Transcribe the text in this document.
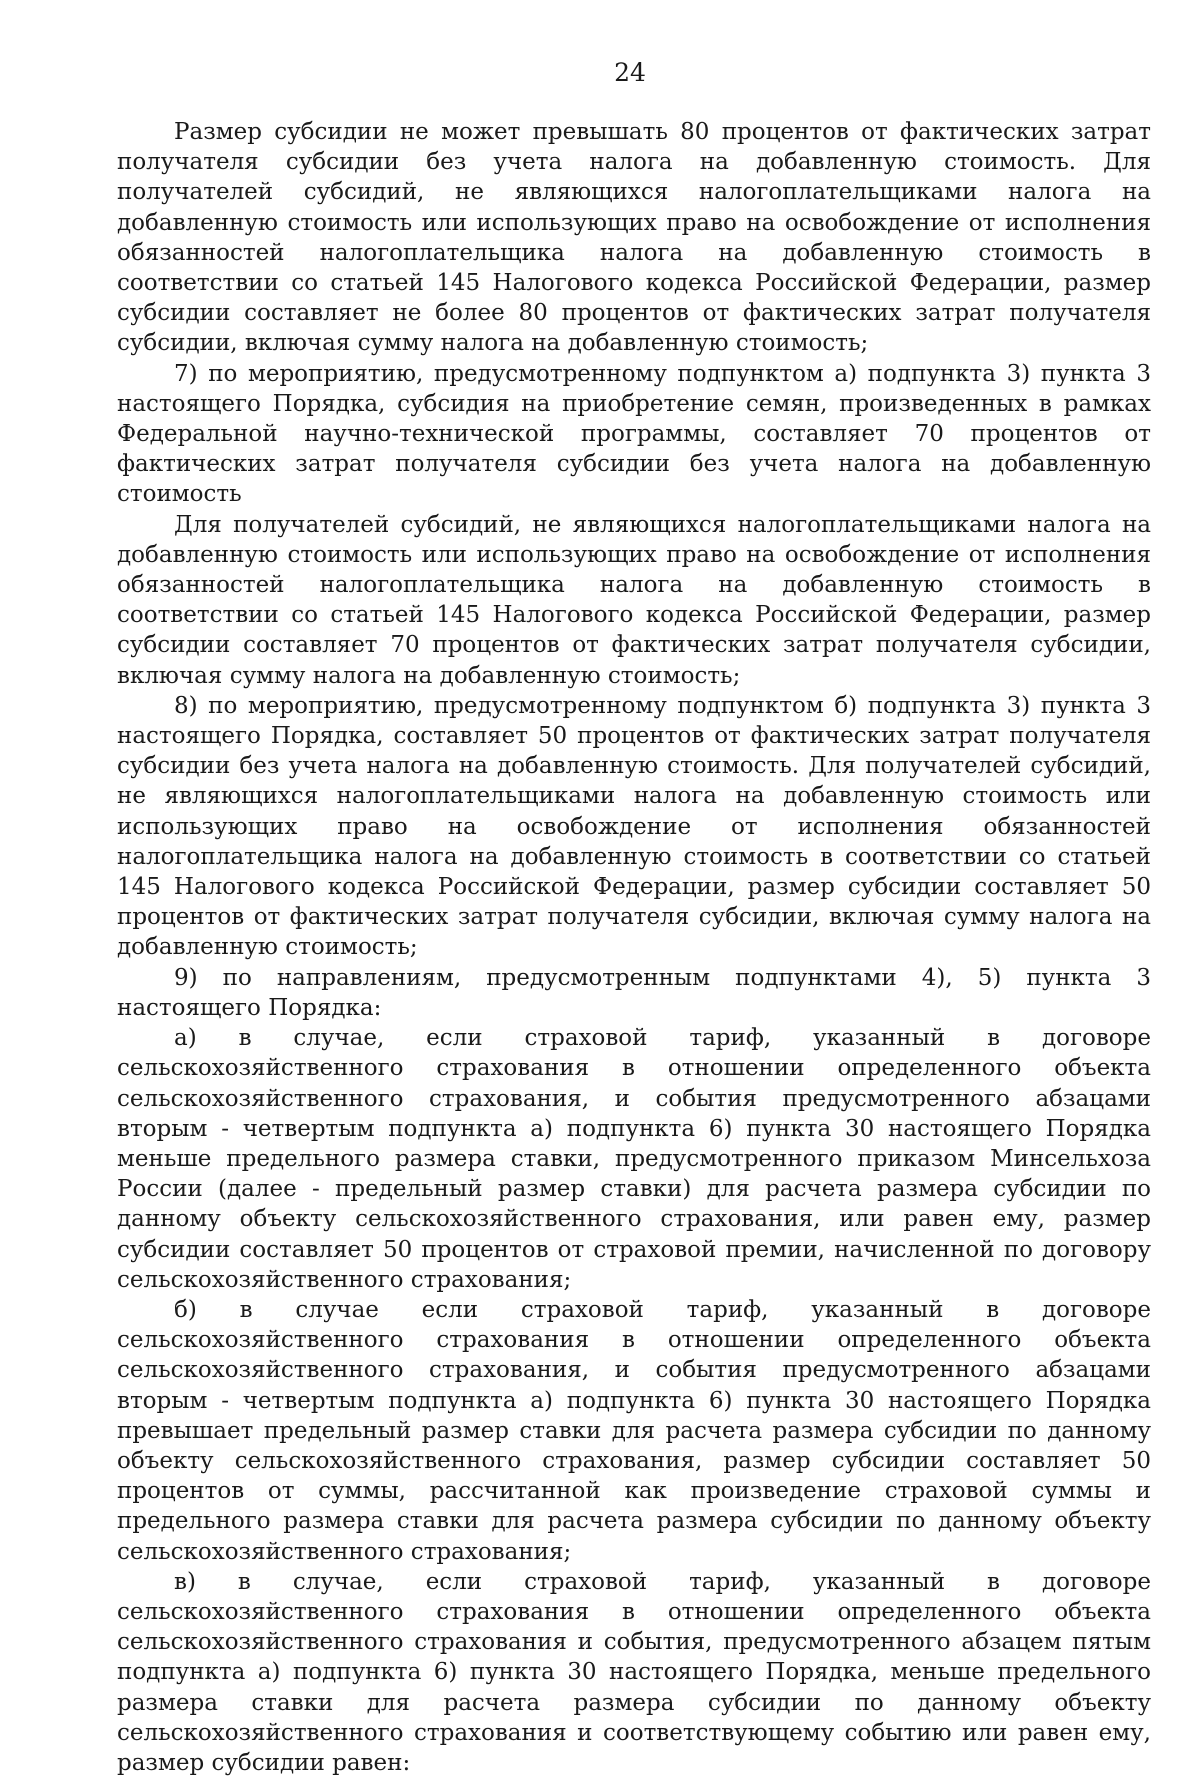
24

Размер субсидии не может превышать 80 процентов от фактических затрат получателя субсидии без учета налога на добавленную стоимость. Для получателей субсидий, не являющихся налогоплательщиками налога на добавленную стоимость или использующих право на освобождение от исполнения обязанностей налогоплательщика налога на добавленную стоимость в соответствии со статьей 145 Налогового кодекса Российской Федерации, размер субсидии составляет не более 80 процентов от фактических затрат получателя субсидии, включая сумму налога на добавленную стоимость;

7) по мероприятию, предусмотренному подпунктом а) подпункта 3) пункта 3 настоящего Порядка, субсидия на приобретение семян, произведенных в рамках Федеральной научно-технической программы, составляет 70 процентов от фактических затрат получателя субсидии без учета налога на добавленную стоимость

Для получателей субсидий, не являющихся налогоплательщиками налога на добавленную стоимость или использующих право на освобождение от исполнения обязанностей налогоплательщика налога на добавленную стоимость в соответствии со статьей 145 Налогового кодекса Российской Федерации, размер субсидии составляет 70 процентов от фактических затрат получателя субсидии, включая сумму налога на добавленную стоимость;

8) по мероприятию, предусмотренному подпунктом б) подпункта 3) пункта 3 настоящего Порядка, составляет 50 процентов от фактических затрат получателя субсидии без учета налога на добавленную стоимость. Для получателей субсидий, не являющихся налогоплательщиками налога на добавленную стоимость или использующих право на освобождение от исполнения обязанностей налогоплательщика налога на добавленную стоимость в соответствии со статьей 145 Налогового кодекса Российской Федерации, размер субсидии составляет 50 процентов от фактических затрат получателя субсидии, включая сумму налога на добавленную стоимость;

9) по направлениям, предусмотренным подпунктами 4), 5) пункта 3 настоящего Порядка:

а) в случае, если страховой тариф, указанный в договоре сельскохозяйственного страхования в отношении определенного объекта сельскохозяйственного страхования, и события предусмотренного абзацами вторым - четвертым подпункта а) подпункта 6) пункта 30 настоящего Порядка меньше предельного размера ставки, предусмотренного приказом Минсельхоза России (далее - предельный размер ставки) для расчета размера субсидии по данному объекту сельскохозяйственного страхования, или равен ему, размер субсидии составляет 50 процентов от страховой премии, начисленной по договору сельскохозяйственного страхования;

б) в случае если страховой тариф, указанный в договоре сельскохозяйственного страхования в отношении определенного объекта сельскохозяйственного страхования, и события предусмотренного абзацами вторым - четвертым подпункта а) подпункта 6) пункта 30 настоящего Порядка превышает предельный размер ставки для расчета размера субсидии по данному объекту сельскохозяйственного страхования, размер субсидии составляет 50 процентов от суммы, рассчитанной как произведение страховой суммы и предельного размера ставки для расчета размера субсидии по данному объекту сельскохозяйственного страхования;

в) в случае, если страховой тариф, указанный в договоре сельскохозяйственного страхования в отношении определенного объекта сельскохозяйственного страхования и события, предусмотренного абзацем пятым подпункта а) подпункта 6) пункта 30 настоящего Порядка, меньше предельного размера ставки для расчета размера субсидии по данному объекту сельскохозяйственного страхования и соответствующему событию или равен ему, размер субсидии равен:
